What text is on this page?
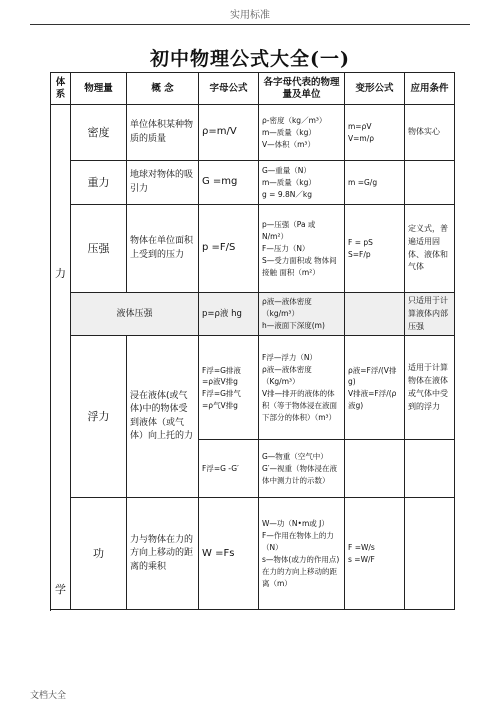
实用标准
初中物理公式大全(一)
体系	物理量	概 念	字母公式	各字母代表的物理量及单位	变形公式	应用条件

力
学	密度	单位体积某种物质的质量	ρ=m/V	ρ-密度（kg／m³）
m—质量（kg）
V—体积（m³）	m=ρV
V=m/ρ	物体实心
	重力	地球对物体的吸引力	G =mg	G—重量（N）
m—质量（kg）
g = 9.8N／kg	m =G/g	
	压强	物体在单位面积上受到的压力	p =F/S	p—压强（Pa 或 N/m²）
F—压力（N）
S—受力面积或 物体间接触 面积（m²）	F = pS
S=F/p	定义式，普遍适用固体、液体和气体
	液体压强		p=ρ液 hg	ρ液—液体密度（kg/m³）
h—液面下深度(m)		只适用于计算液体内部压强
	浮力	浸在液体(或气体)中的物体受到液体（或气体）向上托的力	F浮=G排液
=ρ液V排g
F浮=G排气
=ρ气V排g	F浮—浮力（N）
ρ液—液体密度（Kg/m³）
V排—排开的液体的体积（等于物体浸在液面下部分的体积）（m³）	ρ液=F浮/(V排g)
V排液=F浮/(ρ液g)	适用于计算物体在液体或气体中受到的浮力
			F浮=G -G′	G—物重（空气中）
G′—视重（物体浸在液体中测力计的示数）		
	功	力与物体在力的方向上移动的距离的乘积	W =Fs	W—功（N•m或 J）
F—作用在物体上的力（N）
s—物体(或力的作用点)在力的方向上移动的距离（m）	F =W/s
s =W/F	

文档大全
